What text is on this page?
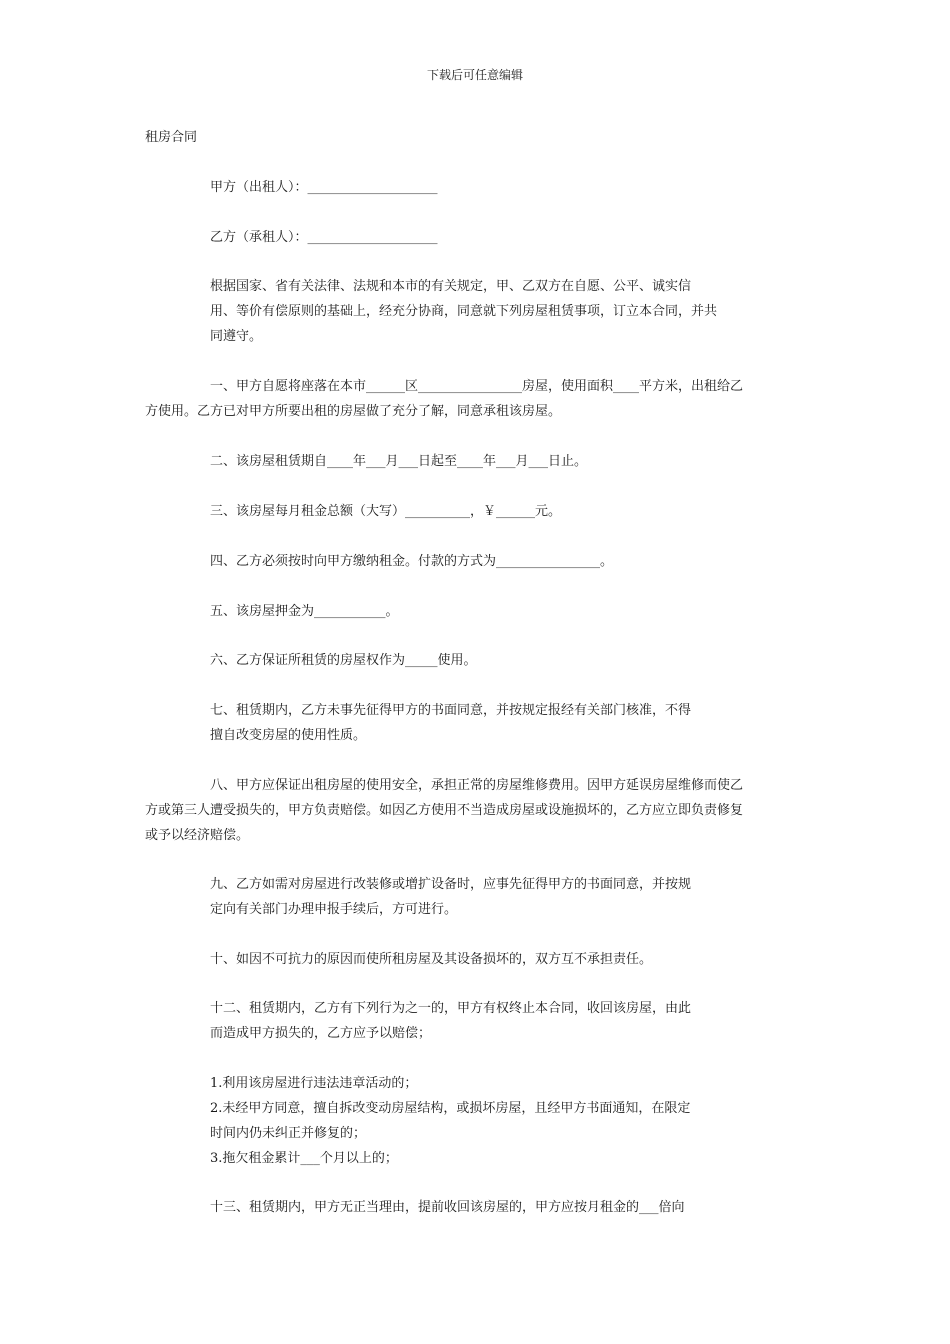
下载后可任意编辑
租房合同
甲方（出租人）：____________________
乙方（承租人）：____________________
根据国家、省有关法律、法规和本市的有关规定，甲、乙双方在自愿、公平、诚实信
用、等价有偿原则的基础上，经充分协商，同意就下列房屋租赁事项，订立本合同，并共
同遵守。
一、甲方自愿将座落在本市______区________________房屋，使用面积____平方米，出租给乙
方使用。乙方已对甲方所要出租的房屋做了充分了解，同意承租该房屋。
二、该房屋租赁期自____年___月___日起至____年___月___日止。
三、该房屋每月租金总额（大写）__________，￥______元。
四、乙方必须按时向甲方缴纳租金。付款的方式为________________。
五、该房屋押金为___________。
六、乙方保证所租赁的房屋权作为_____使用。
七、租赁期内，乙方未事先征得甲方的书面同意，并按规定报经有关部门核准，不得
擅自改变房屋的使用性质。
八、甲方应保证出租房屋的使用安全，承担正常的房屋维修费用。因甲方延误房屋维修而使乙
方或第三人遭受损失的，甲方负责赔偿。如因乙方使用不当造成房屋或设施损坏的，乙方应立即负责修复
或予以经济赔偿。
九、乙方如需对房屋进行改装修或增扩设备时，应事先征得甲方的书面同意，并按规
定向有关部门办理申报手续后，方可进行。
十、如因不可抗力的原因而使所租房屋及其设备损坏的，双方互不承担责任。
十二、租赁期内，乙方有下列行为之一的，甲方有权终止本合同，收回该房屋，由此
而造成甲方损失的，乙方应予以赔偿；
1.利用该房屋进行违法违章活动的；
2.未经甲方同意，擅自拆改变动房屋结构，或损坏房屋，且经甲方书面通知，在限定
时间内仍未纠正并修复的；
3.拖欠租金累计___个月以上的；
十三、租赁期内，甲方无正当理由，提前收回该房屋的，甲方应按月租金的___倍向
